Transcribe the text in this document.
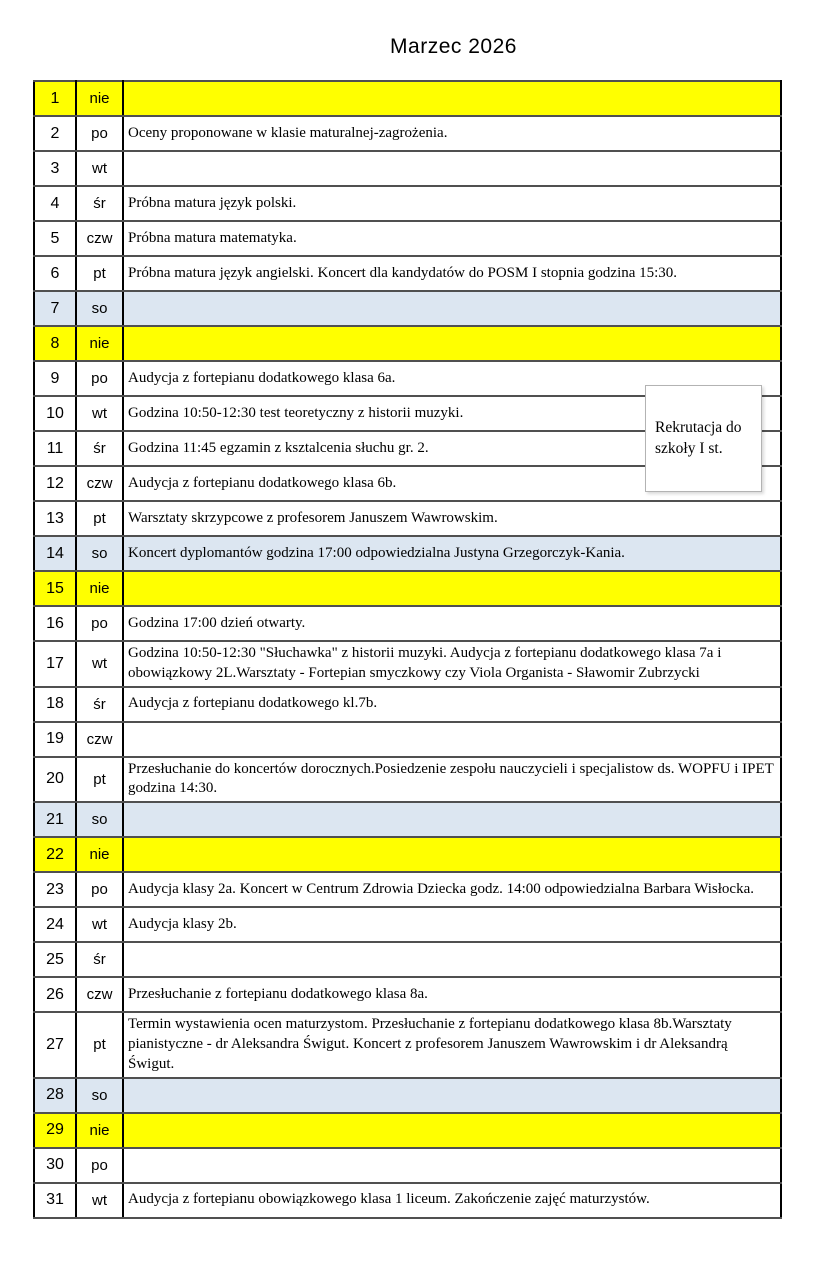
Marzec 2026
1	nie	
2	po	Oceny proponowane w klasie maturalnej-zagrożenia.
3	wt	
4	śr	Próbna matura język polski.
5	czw	Próbna matura matematyka.
6	pt	Próbna matura język angielski. Koncert dla kandydatów do POSM I stopnia godzina 15:30.
7	so	
8	nie	
9	po	Audycja z fortepianu dodatkowego klasa 6a.
10	wt	Godzina 10:50-12:30 test teoretyczny z historii muzyki.
11	śr	Godzina 11:45 egzamin z ksztalcenia słuchu gr. 2.
12	czw	Audycja z fortepianu dodatkowego klasa 6b.
13	pt	Warsztaty skrzypcowe z profesorem Januszem Wawrowskim.
14	so	Koncert dyplomantów godzina 17:00 odpowiedzialna Justyna Grzegorczyk-Kania.
15	nie	
16	po	Godzina 17:00 dzień otwarty.
17	wt	Godzina 10:50-12:30 "Słuchawka" z historii muzyki. Audycja z fortepianu dodatkowego klasa 7a i obowiązkowy 2L.Warsztaty - Fortepian smyczkowy czy Viola Organista - Sławomir Zubrzycki
18	śr	Audycja z fortepianu dodatkowego kl.7b.
19	czw	
20	pt	Przesłuchanie do koncertów dorocznych.Posiedzenie zespołu nauczycieli i specjalistow ds. WOPFU i IPET godzina 14:30.
21	so	
22	nie	
23	po	Audycja klasy 2a. Koncert w Centrum Zdrowia Dziecka godz. 14:00 odpowiedzialna Barbara Wisłocka.
24	wt	Audycja klasy 2b.
25	śr	
26	czw	Przesłuchanie z fortepianu dodatkowego klasa 8a.
27	pt	Termin wystawienia ocen maturzystom. Przesłuchanie z fortepianu dodatkowego klasa 8b.Warsztaty pianistyczne - dr Aleksandra Świgut. Koncert z profesorem Januszem Wawrowskim i dr Aleksandrą Świgut.
28	so	
29	nie	
30	po	
31	wt	Audycja z fortepianu obowiązkowego klasa 1 liceum. Zakończenie zajęć maturzystów.
Rekrutacja do szkoły I st.
